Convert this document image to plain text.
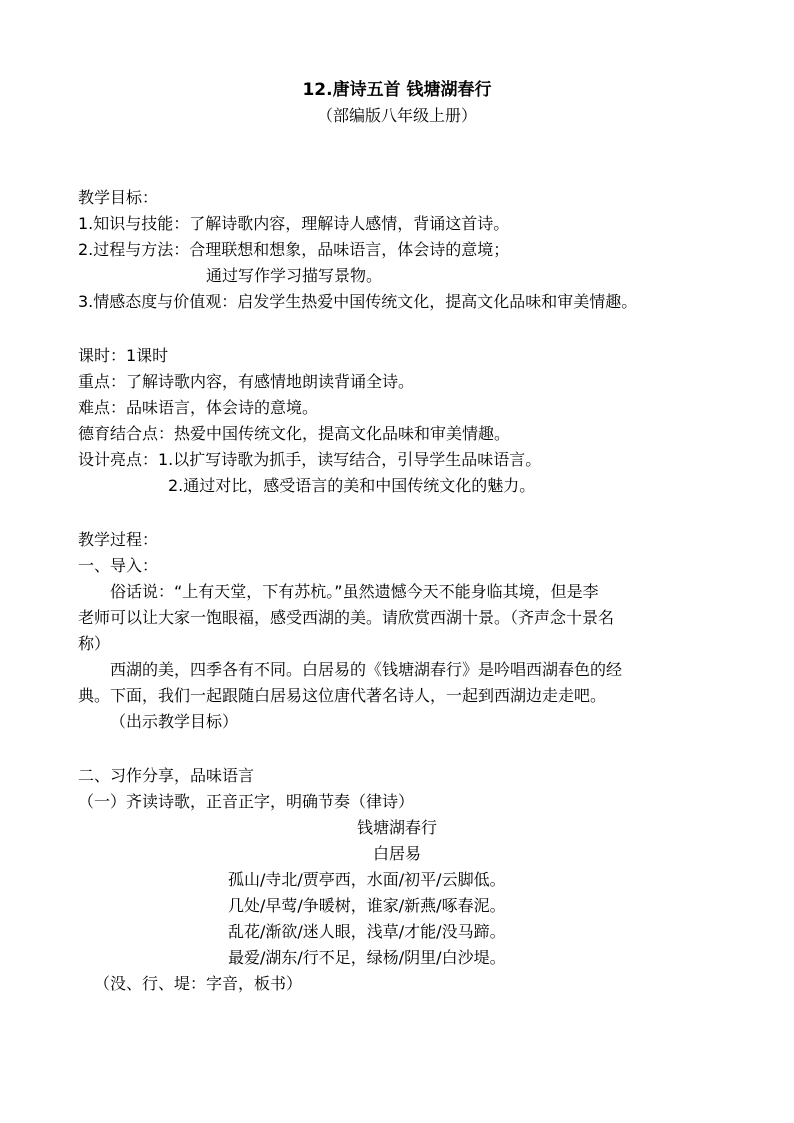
12.唐诗五首 钱塘湖春行

（部编版八年级上册）

教学目标：

1.知识与技能：了解诗歌内容，理解诗人感情，背诵这首诗。

2.过程与方法：合理联想和想象，品味语言，体会诗的意境；

通过写作学习描写景物。

3.情感态度与价值观：启发学生热爱中国传统文化，提高文化品味和审美情趣。

课时：1课时

重点：了解诗歌内容，有感情地朗读背诵全诗。

难点：品味语言，体会诗的意境。

德育结合点：热爱中国传统文化，提高文化品味和审美情趣。

设计亮点：1.以扩写诗歌为抓手，读写结合，引导学生品味语言。

2.通过对比，感受语言的美和中国传统文化的魅力。

教学过程：

一、导入：

俗话说：“上有天堂，下有苏杭。”虽然遗憾今天不能身临其境，但是李

老师可以让大家一饱眼福，感受西湖的美。请欣赏西湖十景。（齐声念十景名

称）

西湖的美，四季各有不同。白居易的《钱塘湖春行》是吟唱西湖春色的经

典。下面，我们一起跟随白居易这位唐代著名诗人，一起到西湖边走走吧。

（出示教学目标）

二、习作分享，品味语言

（一）齐读诗歌，正音正字，明确节奏（律诗）

钱塘湖春行

白居易

孤山/寺北/贾亭西，水面/初平/云脚低。

几处/早莺/争暖树，谁家/新燕/啄春泥。

乱花/渐欲/迷人眼，浅草/才能/没马蹄。

最爱/湖东/行不足，绿杨/阴里/白沙堤。

（没、行、堤：字音，板书）
